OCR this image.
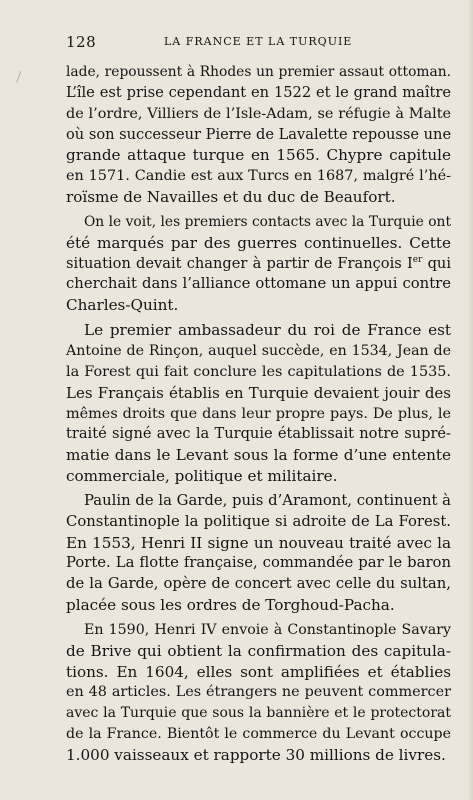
128	LA FRANCE ET LA TURQUIE
lade, repoussent à Rhodes un premier assaut ottoman.
L’île est prise cependant en 1522 et le grand maître
de l’ordre, Villiers de l’Isle-Adam, se réfugie à Malte
où son successeur Pierre de Lavalette repousse une
grande attaque turque en 1565. Chypre capitule
en 1571. Candie est aux Turcs en 1687, malgré l’hé-
roïsme de Navailles et du duc de Beaufort.
On le voit, les premiers contacts avec la Turquie ont
été marqués par des guerres continuelles. Cette
situation devait changer à partir de François Ier qui
cherchait dans l’alliance ottomane un appui contre
Charles-Quint.
Le premier ambassadeur du roi de France est
Antoine de Rinçon, auquel succède, en 1534, Jean de
la Forest qui fait conclure les capitulations de 1535.
Les Français établis en Turquie devaient jouir des
mêmes droits que dans leur propre pays. De plus, le
traité signé avec la Turquie établissait notre supré-
matie dans le Levant sous la forme d’une entente
commerciale, politique et militaire.
Paulin de la Garde, puis d’Aramont, continuent à
Constantinople la politique si adroite de La Forest.
En 1553, Henri II signe un nouveau traité avec la
Porte. La flotte française, commandée par le baron
de la Garde, opère de concert avec celle du sultan,
placée sous les ordres de Torghoud-Pacha.
En 1590, Henri IV envoie à Constantinople Savary
de Brive qui obtient la confirmation des capitula-
tions. En 1604, elles sont amplifiées et établies
en 48 articles. Les étrangers ne peuvent commercer
avec la Turquie que sous la bannière et le protectorat
de la France. Bientôt le commerce du Levant occupe
1.000 vaisseaux et rapporte 30 millions de livres.
